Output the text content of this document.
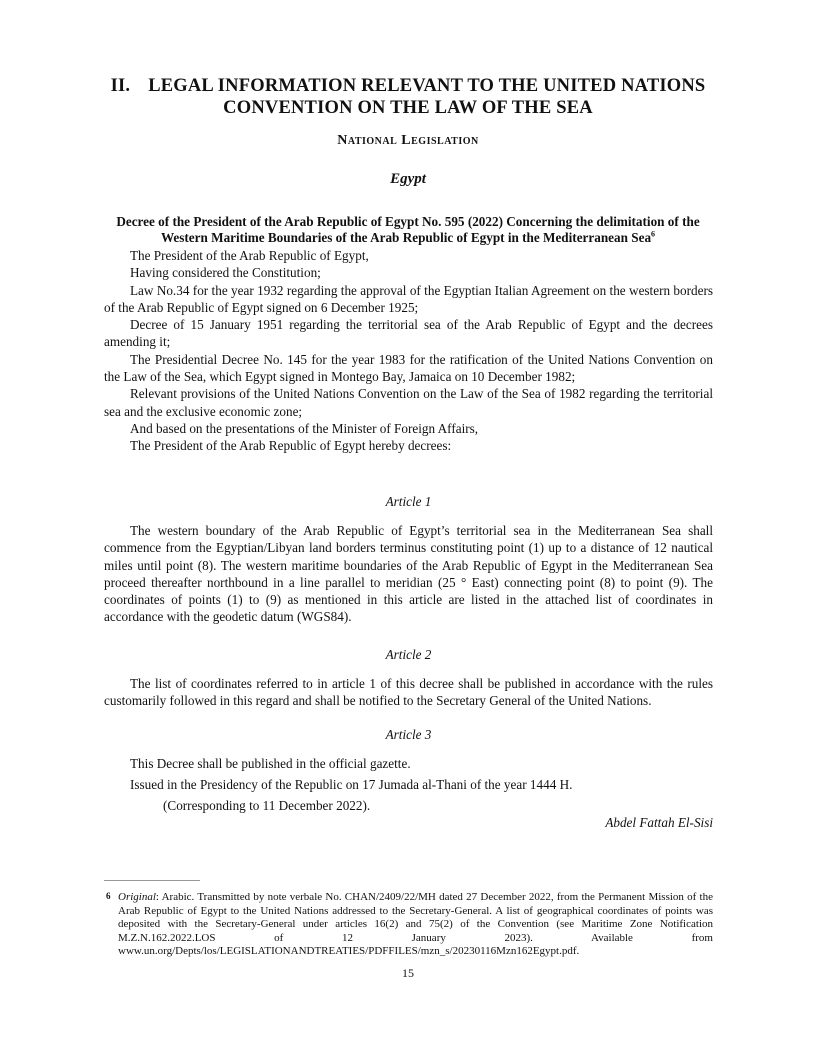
II. LEGAL INFORMATION RELEVANT TO THE UNITED NATIONS
CONVENTION ON THE LAW OF THE SEA
National Legislation
Egypt
Decree of the President of the Arab Republic of Egypt No. 595 (2022) Concerning the delimitation of the Western Maritime Boundaries of the Arab Republic of Egypt in the Mediterranean Sea$^6$

The President of the Arab Republic of Egypt,

Having considered the Constitution;

Law No.34 for the year 1932 regarding the approval of the Egyptian Italian Agreement on the western borders of the Arab Republic of Egypt signed on 6 December 1925;

Decree of 15 January 1951 regarding the territorial sea of the Arab Republic of Egypt and the decrees amending it;

The Presidential Decree No. 145 for the year 1983 for the ratification of the United Nations Convention on the Law of the Sea, which Egypt signed in Montego Bay, Jamaica on 10 December 1982;

Relevant provisions of the United Nations Convention on the Law of the Sea of 1982 regarding the territorial sea and the exclusive economic zone;

And based on the presentations of the Minister of Foreign Affairs,

The President of the Arab Republic of Egypt hereby decrees:

Article 1

The western boundary of the Arab Republic of Egypt’s territorial sea in the Mediterranean Sea shall commence from the Egyptian/Libyan land borders terminus constituting point (1) up to a distance of 12 nautical miles until point (8). The western maritime boundaries of the Arab Republic of Egypt in the Mediterranean Sea proceed thereafter northbound in a line parallel to meridian (25 ° East) connecting point (8) to point (9). The coordinates of points (1) to (9) as mentioned in this article are listed in the attached list of coordinates in accordance with the geodetic datum (WGS84).

Article 2

The list of coordinates referred to in article 1 of this decree shall be published in accordance with the rules customarily followed in this regard and shall be notified to the Secretary General of the United Nations.

Article 3

This Decree shall be published in the official gazette.

Issued in the Presidency of the Republic on 17 Jumada al-Thani of the year 1444 H.

(Corresponding to 11 December 2022).
Abdel Fattah El-Sisi
6 Original: Arabic. Transmitted by note verbale No. CHAN/2409/22/MH dated 27 December 2022, from the Permanent Mission of the Arab Republic of Egypt to the United Nations addressed to the Secretary-General. A list of geographical coordinates of points was deposited with the Secretary-General under articles 16(2) and 75(2) of the Convention (see Maritime Zone Notification M.Z.N.162.2022.LOS of 12 January 2023). Available from www.un.org/Depts/los/LEGISLATIONANDTREATIES/PDFFILES/mzn_s/20230116Mzn162Egypt.pdf.
15
